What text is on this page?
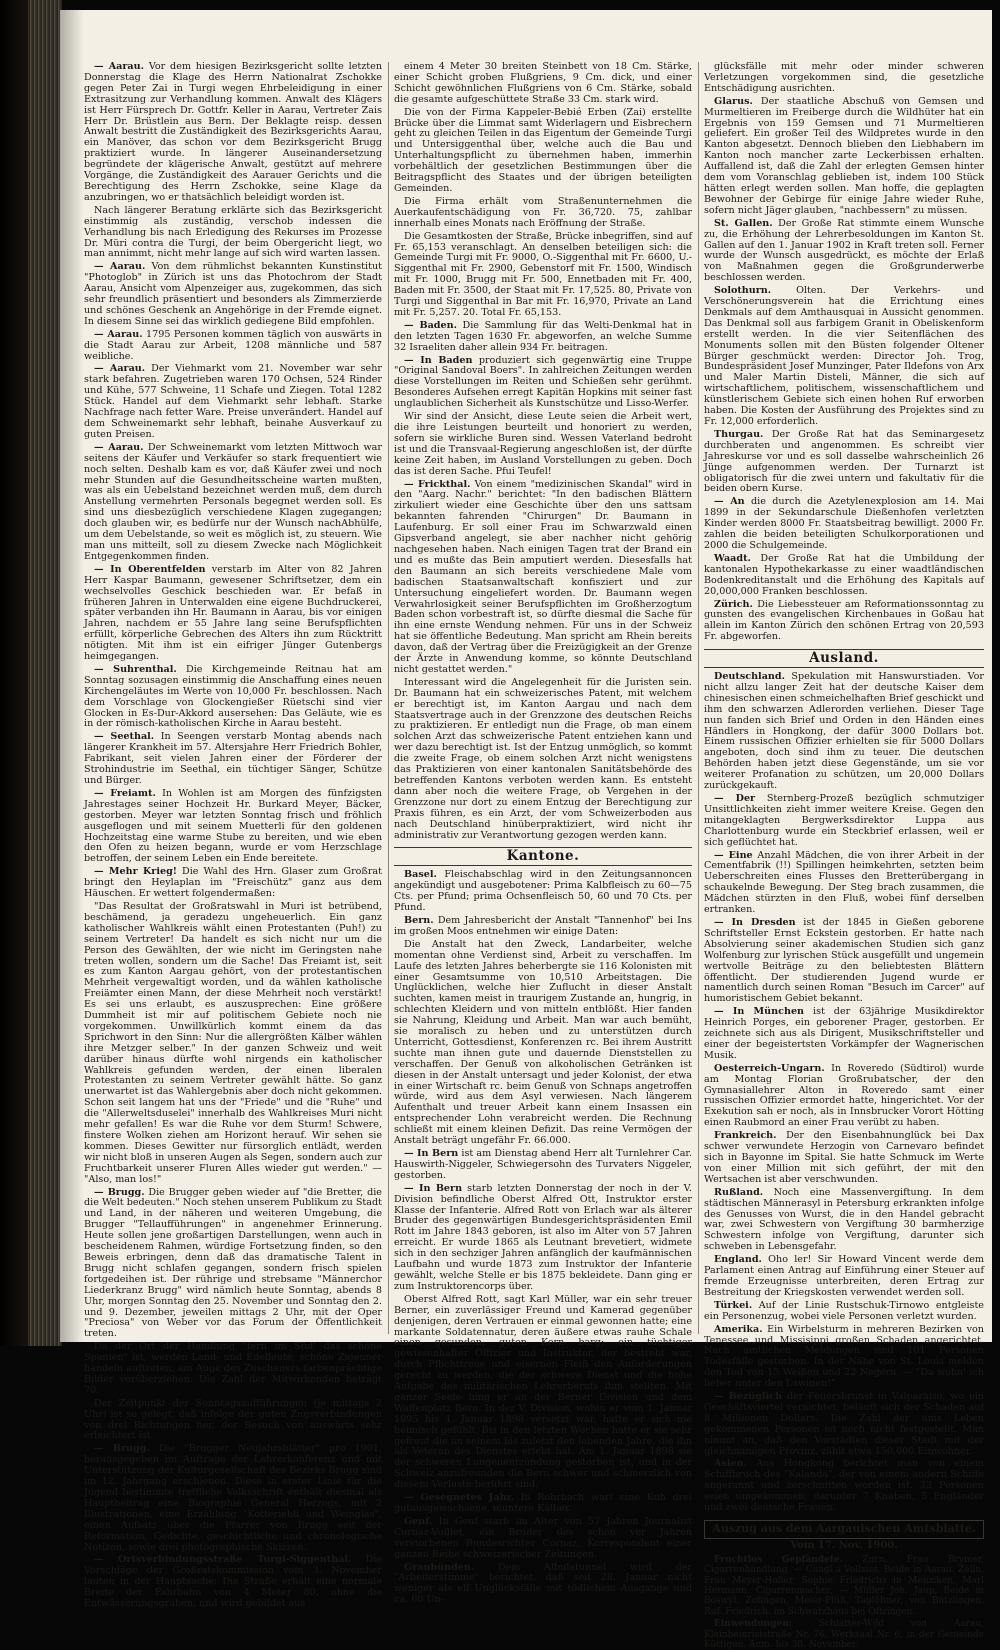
— Aarau. Vor dem hiesigen Bezirksgericht sollte letzten Donnerstag die Klage des Herrn Nationalrat Zschokke gegen Peter Zai in Turgi wegen Ehrbeleidigung in einer Extrasitzung zur Verhandlung kommen. Anwalt des Klägers ist Herr Fürsprech Dr. Gottfr. Keller in Aarau, Vertreter Zais Herr Dr. Brüstlein aus Bern. Der Beklagte reisp. dessen Anwalt bestritt die Zuständigkeit des Bezirksgerichts Aarau, ein Manöver, das schon vor dem Bezirksgericht Brugg praktiziert wurde. In längerer Auseinandersetzung begründete der klägerische Anwalt, gestützt auf mehrere Vorgänge, die Zuständigkeit des Aarauer Gerichts und die Berechtigung des Herrn Zschokke, seine Klage da anzubringen, wo er thatsächlich beleidigt worden ist.

Nach längerer Beratung erklärte sich das Bezirksgericht einstimmig als zuständig, verschob indessen die Verhandlung bis nach Erledigung des Rekurses im Prozesse Dr. Müri contra die Turgi, der beim Obergericht liegt, wo man annimmt, nicht mehr lange auf sich wird warten lassen.

— Aarau. Von dem rühmlichst bekannten Kunstinstitut "Photoglob" in Zürich ist uns das Photochrom der Stadt Aarau, Ansicht vom Alpenzeiger aus, zugekommen, das sich sehr freundlich präsentiert und besonders als Zimmerzierde und schönes Geschenk an Angehörige in der Fremde eignet. In diesem Sinne sei das wirklich gediegene Bild empfohlen.

— Aarau. 1795 Personen kommen täglich von auswärts in die Stadt Aarau zur Arbeit, 1208 männliche und 587 weibliche.

— Aarau. Der Viehmarkt vom 21. November war sehr stark befahren. Zugetrieben waren 170 Ochsen, 524 Rinder und Kühe, 577 Schweine, 11 Schafe und Ziegen. Total 1282 Stück. Handel auf dem Viehmarkt sehr lebhaft. Starke Nachfrage nach fetter Ware. Preise unverändert. Handel auf dem Schweinemarkt sehr lebhaft, beinahe Ausverkauf zu guten Preisen.

— Aarau. Der Schweinemarkt vom letzten Mittwoch war seitens der Käufer und Verkäufer so stark frequentiert wie noch selten. Deshalb kam es vor, daß Käufer zwei und noch mehr Stunden auf die Gesundheitsscheine warten mußten, was als ein Uebelstand bezeichnet werden muß, dem durch Anstellung vermehrten Personals begegnet werden soll. Es sind uns diesbezüglich verschiedene Klagen zugegangen; doch glauben wir, es bedürfe nur der Wunsch nachAbhülfe, um dem Uebelstande, so weit es möglich ist, zu steuern. Wie man uns mitteilt, soll zu diesem Zwecke nach Möglichkeit Entgegenkommen finden.

— In Oberentfelden verstarb im Alter von 82 Jahren Herr Kaspar Baumann, gewesener Schriftsetzer, dem ein wechselvolles Geschick beschieden war. Er befaß in früheren Jahren in Unterwalden eine eigene Buchdruckerei, später verbanden ihn Hr. Baumann in Aarau, bis vor einigen Jahren, nachdem er 55 Jahre lang seine Berufspflichten erfüllt, körperliche Gebrechen des Alters ihn zum Rücktritt nötigten. Mit ihm ist ein eifriger Jünger Gutenbergs heimgegangen.

— Suhrenthal. Die Kirchgemeinde Reitnau hat am Sonntag sozusagen einstimmig die Anschaffung eines neuen Kirchengeläutes im Werte von 10,000 Fr. beschlossen. Nach dem Vorschlage von Glockengießer Rüetschi sind vier Glocken in Es-Dur-Akkord ausersehen: Das Geläute, wie es in der römisch-katholischen Kirche in Aarau besteht.

— Seethal. In Seengen verstarb Montag abends nach längerer Krankheit im 57. Altersjahre Herr Friedrich Bohler, Fabrikant, seit vielen Jahren einer der Förderer der Strohindustrie im Seethal, ein tüchtiger Sänger, Schütze und Bürger.

— Freiamt. In Wohlen ist am Morgen des fünfzigsten Jahrestages seiner Hochzeit Hr. Burkard Meyer, Bäcker, gestorben. Meyer war letzten Sonntag frisch und fröhlich ausgeflogen und mit seinem Muetterli für den goldenen Hochzeitstag eine warme Stube zu bereiten, und wie eben den Ofen zu heizen begann, wurde er vom Herzschlage betroffen, der seinem Leben ein Ende bereitete.

— Mehr Krieg! Die Wahl des Hrn. Glaser zum Großrat bringt den Heylaplan im "Freischütz" ganz aus dem Häuschen. Er wettert folgendermaßen:

"Das Resultat der Großratswahl in Muri ist betrübend, beschämend, ja geradezu ungeheuerlich. Ein ganz katholischer Wahlkreis wählt einen Protestanten (Puh!) zu seinem Vertreter! Da handelt es sich nicht nur um die Person des Gewählten, der wie nicht im Geringsten nahe treten wollen, sondern um die Sache! Das Freiamt ist, seit es zum Kanton Aargau gehört, von der protestantischen Mehrheit vergewaltigt worden, und da wählen katholische Freiämter einen Mann, der diese Mehrheit noch verstärkt! Es sei uns erlaubt, es auszusprechen: Eine größere Dummheit ist mir auf politischem Gebiete noch nie vorgekommen. Unwillkürlich kommt einem da das Sprichwort in den Sinn: Nur die allergrößten Kälber wählen ihre Metzger selber." In der ganzen Schweiz und weit darüber hinaus dürfte wohl nirgends ein katholischer Wahlkreis gefunden werden, der einen liberalen Protestanten zu seinem Vertreter gewählt hätte. So ganz unerwartet ist das Wahlergebnis aber doch nicht gekommen. Schon seit langem hat uns der "Friede" und die "Ruhe" und die "Allerweltsduselei" innerhalb des Wahlkreises Muri nicht mehr gefallen! Es war die Ruhe vor dem Sturm! Schwere, finstere Wolken ziehen am Horizont herauf. Wir sehen sie kommen. Dieses Gewitter nur fürsorglich entlädt, werden wir nicht bloß in unseren Augen als Segen, sondern auch zur Fruchtbarkeit unserer Fluren Alles wieder gut werden." — "Also, man los!"

— Brugg. Die Brugger geben wieder auf "die Bretter, die die Welt bedeuten." Noch stehen unserem Publikum zu Stadt und Land, in der näheren und weiteren Umgebung, die Brugger "Tellaufführungen" in angenehmer Erinnerung. Heute sollen jene großartigen Darstellungen, wenn auch in bescheidenem Rahmen, würdige Fortsetzung finden, so den Beweis erbringen, denn daß das dramatische Talent in Brugg nicht schlafen gegangen, sondern frisch spielen fortgedeihen ist. Der rührige und strebsame "Männerchor Liederkranz Brugg" wird nämlich heute Sonntag, abends 8 Uhr, morgen Sonntag den 25. November und Sonntag den 2. und 9. Dezember, jeweilen mittags 2 Uhr, mit der Oper "Preciosa" von Weber vor das Forum der Öffentlichkeit treten.

Da der Ort der Handlung "fern im Süd' das schöne Spanien" ist, werden Land- und Edelleute, schöne Zigeuner handeln auftreten, am Auge des Zuschauers farbenprächtige Bilder vorüberziehen. Die Zahl der Mitwirkenden beträgt 70.

Der Zeitpunkt der Sonntagsaufführungen (je mittags 2 Uhr) ist so gelegt, daß infolge der guten Zugsverbindungen von drei Richtungen her, der Besuch von auswärts sehr erleichtert ist.

— Brugg. Die "Brugger Neujahrsblätter" pro 1901, herausgegeben im Auftrage der Lehrerkonferenz und mit Unterstützung der Kulturgesellschaft des Bezirks Brugg sind im 12. Jahrgang erschienen. Diese in erster Linie für die Jugend bestimmte treffliche Volksschrift enthält diesmal als Hauptbeitrag eine Biographie General Herzogs, mit 2 Illustrationen, eine Erzählung "Kotteriebli und Weinglas", einen Aufsatz über die Pfarrer von Brugg seit der Reformation, Gedichte, geschichtliche und chronologische Notizen, sowie drei photographische Skizzen.

— Ortsverbindungsstraße Turgi-Siggenthal. Die Vorschläge der Großratskommission vom 3. November lauten in der Hauptsache: Die Straße erhält eine normale Breite der Fahrbahn von 4 Meter 80, ohne die Entwässerungsgraben, und wird gebildet aus

einem 4 Meter 30 breiten Steinbett von 18 Cm. Stärke, einer Schicht groben Flußgriens, 9 Cm. dick, und einer Schicht gewöhnlichen Flußgriens von 6 Cm. Stärke, sobald die gesamte aufgeschüttete Straße 33 Cm. stark wird.

Die von der Firma Kappeler-Bebié Erben (Zai) erstellte Brücke über die Limmat samt Widerlagern und Eisbrechern geht zu gleichen Teilen in das Eigentum der Gemeinde Turgi und Untersiggenthal über, welche auch die Bau und Unterhaltungspflicht zu übernehmen haben, immerhin vorbehältlich der gesetzlichen Bestimmungen über die Beitragspflicht des Staates und der übrigen beteiligten Gemeinden.

Die Firma erhält vom Straßenunternehmen die Auerkaufentschädigung von Fr. 36,720. 75, zahlbar innerhalb eines Monats nach Eröffnung der Straße.

Die Gesamtkosten der Straße, Brücke inbegriffen, sind auf Fr. 65,153 veranschlagt. An denselben beteiligen sich: die Gemeinde Turgi mit Fr. 9000, O.-Siggenthal mit Fr. 6600, U.-Siggenthal mit Fr. 2900, Gebenstorf mit Fr. 1500, Windisch mit Fr. 1000, Brugg mit Fr. 500, Ennetbaden mit Fr. 400, Baden mit Fr. 3500, der Staat mit Fr. 17,525. 80, Private von Turgi und Siggenthal in Bar mit Fr. 16,970, Private an Land mit Fr. 5,257. 20. Total Fr. 65,153.

— Baden. Die Sammlung für das Welti-Denkmal hat in den letzten Tagen 1630 Fr. abgeworfen, an welche Summe 32 Israeliten daher allein 934 Fr. beitragen.

— In Baden produziert sich gegenwärtig eine Truppe "Original Sandoval Boers". In zahlreichen Zeitungen werden diese Vorstellungen im Reiten und Schießen sehr gerühmt. Besonderes Aufsehen erregt Kapitän Hopkins mit seiner fast unglaublichen Sicherheit als Kunstschütze und Lisso-Werfer.

Wir sind der Ansicht, diese Leute seien die Arbeit wert, die ihre Leistungen beurteilt und honoriert zu werden, sofern sie wirkliche Buren sind. Wessen Vaterland bedroht ist und die Transvaal-Regierung angeschloßen ist, der dürfte keine Zeit haben, im Ausland Vorstellungen zu geben. Doch das ist deren Sache. Pfui Teufel!

— Frickthal. Von einem "medizinischen Skandal" wird in den "Aarg. Nachr." berichtet: "In den badischen Blättern zirkuliert wieder eine Geschichte über den uns sattsam bekannten fahrenden "Chirurgen" Dr. Baumann in Laufenburg. Er soll einer Frau im Schwarzwald einen Gipsverband angelegt, sie aber nachher nicht gehörig nachgesehen haben. Nach einigen Tagen trat der Brand ein und es mußte das Bein amputiert werden. Diesesfalls hat den Baumann an sich bereits verschiedene Male vom badischen Staatsanwaltschaft konfisziert und zur Untersuchung eingeliefert worden. Dr. Baumann wegen Verwahrlosigkeit seiner Berufspflichten im Großherzogtum Baden schon vorbestraft ist, so dürfte diesmal die Sache für ihn eine ernste Wendung nehmen. Für uns in der Schweiz hat sie öffentliche Bedeutung. Man spricht am Rhein bereits davon, daß der Vertrag über die Freizügigkeit an der Grenze der Ärzte in Anwendung komme, so könnte Deutschland nicht gestattet werden."

Interessant wird die Angelegenheit für die Juristen sein. Dr. Baumann hat ein schweizerisches Patent, mit welchem er berechtigt ist, im Kanton Aargau und nach dem Staatsvertrage auch in der Grenzzone des deutschen Reichs zu praktizieren. Er entledigt nun die Frage, ob man einem solchen Arzt das schweizerische Patent entziehen kann und wer dazu berechtigt ist. Ist der Entzug unmöglich, so kommt die zweite Frage, ob einem solchen Arzt nicht wenigstens das Praktizieren von einer kantonalen Sanitätsbehörde des betreffenden Kantons verboten werden kann. Es entsteht dann aber noch die weitere Frage, ob Vergehen in der Grenzzone nur dort zu einem Entzug der Berechtigung zur Praxis führen, es ein Arzt, der vom Schweizerboden aus nach Deutschland hinüberpraktiziert, wird nicht ihr administrativ zur Verantwortung gezogen werden kann.

Kantone.

Basel. Fleischabschlag wird in den Zeitungsannoncen angekündigt und ausgebotener: Prima Kalbfleisch zu 60—75 Cts. per Pfund; prima Ochsenfleisch 50, 60 und 70 Cts. per Pfund.

Bern. Dem Jahresbericht der Anstalt "Tannenhof" bei Ins im großen Moos entnehmen wir einige Daten:

Die Anstalt hat den Zweck, Landarbeiter, welche momentan ohne Verdienst sind, Arbeit zu verschaffen. Im Laufe des letzten Jahres beherbergte sie 116 Kolonisten mit einer Gesamtsumme von 10,510 Arbeitstagen. Die Unglücklichen, welche hier Zuflucht in dieser Anstalt suchten, kamen meist in traurigem Zustande an, hungrig, in schlechten Kleidern und von mitteln entblößt. Hier fanden sie Nahrung, Kleidung und Arbeit. Man war auch bemüht, sie moralisch zu heben und zu unterstützen durch Unterricht, Gottesdienst, Konferenzen rc. Bei ihrem Austritt suchte man ihnen gute und dauernde Dienststellen zu verschaffen. Der Genuß von alkoholischen Getränken ist diesen in der Anstalt untersagt und jeder Kolonist, der etwa in einer Wirtschaft rc. beim Genuß von Schnaps angetroffen würde, wird aus dem Asyl verwiesen. Nach längerem Aufenthalt und treuer Arbeit kann einem Insassen ein entsprechender Lohn verabreicht werden. Die Rechnung schließt mit einem kleinen Defizit. Das reine Vermögen der Anstalt beträgt ungefähr Fr. 66.000.

— In Bern ist am Dienstag abend Herr alt Turnlehrer Car. Hauswirth-Niggeler, Schwiegersohn des Turvaters Niggeler, gestorben.

— In Bern starb letzten Donnerstag der noch in der V. Division befindliche Oberst Alfred Ott, Instruktor erster Klasse der Infanterie. Alfred Rott von Erlach war als älterer Bruder des gegenwärtigen Bundesgerichtspräsidenten Emil Rott im Jahre 1843 geboren, ist also im Alter von 57 Jahren erreicht. Er wurde 1865 als Leutnant brevetiert, widmete sich in den sechziger Jahren anfänglich der kaufmännischen Laufbahn und wurde 1873 zum Instruktor der Infanterie gewählt, welche Stelle er bis 1875 bekleidete. Dann ging er zum Instruktorencorps über.

Oberst Alfred Rott, sagt Karl Müller, war ein sehr treuer Berner, ein zuverlässiger Freund und Kamerad gegenüber denjenigen, deren Vertrauen er einmal gewonnen hatte; eine markante Soldatennatur, deren äußere etwas rauhe Schale einen gesunden, guten Kern barg; ein tüchtiger gewissenhafter Offizier und Instruktor, der bestrebt war, durch Pflichttreue und eisernen Fleiß den Anforderungen gerecht zu werden, die der schwere Dienst und die hohe Aufgabe des militärischen Lehrerberufs ihm stellten. Mit ganzer Seele hing er an der Berner Division und dem Waffenplatz Bern. In der V. Division, wohin er vom 1. Januar 1895 bis 1. Januar 1898 versetzt war, hatte er sich nie heimisch gefühlt. Bis in den letzten Wochen hatte er sie sehr gefreut die an seinem bis zuletzt den lebenden Jahre, die ihn als Veteran des Dienstes erlebt hat. Am 1. Januar 1898 sie der schweren Lungenentzündung gestorben ist, und in der Schweiz anzufreunden die Bern schwer und schmerzlich von diesem Verluste berührt sind.

— Gesegnetes Jahr. In Rohrbach warf eine Kuh drei gutausgewachsene, muntere Kälber.

Genf. In Genf starb im Alter von 57 Jahren Journalist Cornaz-Vuillet, ein Bruder des schon vor Jahren verstorbenen Bundesrichter Cornaz, Korrespondent einer ganzen Reihe schweizerischer Zeitungen.

Graubünden. Dem Albulatunnel wird der "Arbeiterstimme" berichtet, daß seit 28. Januar nicht weniger als elf Unglücksfälle mit tödlichem Ausgange und ca. 60 Un-

glücksfälle mit mehr oder minder schweren Verletzungen vorgekommen sind, die gesetzliche Entschädigung ausrichten.

Glarus. Der staatliche Abschuß von Gemsen und Murmeltieren im Freiberge durch die Wildhüter hat ein Ergebnis von 159 Gemsen und 71 Murmeltieren geliefert. Ein großer Teil des Wildpretes wurde in den Kanton abgesetzt. Dennoch blieben den Liebhabern im Kanton noch mancher zarte Leckerbissen erhalten. Auffallend ist, daß die Zahl der erlegten Gemsen hinter dem vom Voranschlag geblieben ist, indem 100 Stück hätten erlegt werden sollen. Man hoffe, die geplagten Bewohner der Gebirge für einige Jahre wieder Ruhe, sofern nicht Jäger glauben, "nachbessern" zu müssen.

St. Gallen. Der Große Rat stimmte einem Wunsche zu, die Erhöhung der Lehrerbesoldungen im Kanton St. Gallen auf den 1. Januar 1902 in Kraft treten soll. Ferner wurde der Wunsch ausgedrückt, es möchte der Erlaß von Maßnahmen gegen die Großgrunderwerbe beschlossen werden.

Solothurn.	Olten. Der Verkehrs- und Verschönerungsverein hat die Errichtung eines Denkmals auf dem Amthausquai in Aussicht genommen. Das Denkmal soll aus farbigem Granit in Obeliskenform erstellt werden. In die vier Seitenflächen des Monuments sollen mit den Büsten folgender Oltener Bürger geschmückt werden: Director Joh. Trog, Bundespräsident Josef Munzinger, Pater Ildefons von Arx und Maler Martin Disteli, Männer, die sich auf wirtschaftlichem, politischem, wissenschaftlichem und künstlerischem Gebiete sich einen hohen Ruf erworben haben. Die Kosten der Ausführung des Projektes sind zu Fr. 12,000 erforderlich.

Thurgau. Der Große Rat hat das Seminargesetz durchberaten und angenommen. Es schreibt vier Jahreskurse vor und es soll dasselbe wahrscheinlich 26 Jünge aufgenommen werden. Der Turnarzt ist obligatorisch für die zwei untern und fakultativ für die beiden obern Kurse.

— An die durch die Azetylenexplosion am 14. Mai 1899 in der Sekundarschule Dießenhofen verletzten Kinder werden 8000 Fr. Staatsbeitrag bewilligt. 2000 Fr. zahlen die beiden beteiligten Schulkorporationen und 2000 die Schulgemeinde.

Waadt. Der Große Rat hat die Umbildung der kantonalen Hypothekarkasse zu einer waadtländischen Bodenkreditanstalt und die Erhöhung des Kapitals auf 20,000,000 Franken beschlossen.

Zürich. Die Liebessteuer am Reformationssonntag zu gunsten des evangelischen Kirchenbaues in Goßau hat allein im Kanton Zürich den schönen Ertrag von 20,593 Fr. abgeworfen.

Ausland.

Deutschland. Spekulation mit Hanswurstiaden. Vor nicht allzu langer Zeit hat der deutsche Kaiser dem chinesischen einen schmeichelhaften Brief geschickt und ihm den schwarzen Adlerorden verliehen. Dieser Tage nun fanden sich Brief und Orden in den Händen eines Händlers in Hongkong, der dafür 3000 Dollars bot. Einem russischen Offizier erhielten sie für 5000 Dollars angeboten, doch sind ihm zu teuer. Die deutschen Behörden haben jetzt diese Gegenstände, um sie vor weiterer Profanation zu schützen, um 20,000 Dollars zurückgekauft.

— Der Sternberg-Prozeß bezüglich schmutziger Unsittlichkeiten zieht immer weitere Kreise. Gegen den mitangeklagten Bergwerksdirektor Luppa aus Charlottenburg wurde ein Steckbrief erlassen, weil er sich geflüchtet hat.

— Eine Anzahl Mädchen, die von ihrer Arbeit in der Cementfabrik (!!) Spillingen heimkehrten, setzten beim Ueberschreiten eines Flusses den Bretterübergang in schaukelnde Bewegung. Der Steg brach zusammen, die Mädchen stürzten in den Fluß, wobei fünf derselben ertranken.

— In Dresden ist der 1845 in Gießen geborene Schriftsteller Ernst Eckstein gestorben. Er hatte nach Absolvierung seiner akademischen Studien sich ganz Wolfenburg zur lyrischen Stück ausgefüllt und ungemein wertvolle Beiträge zu den beliebtesten Blättern öffentlicht. Der studierenden Jugend wurde er namentlich durch seinen Roman "Besuch im Carcer" auf humoristischem Gebiet bekannt.

— In München ist der 63jährige Musikdirektor Heinrich Porges, ein geborener Prager, gestorben. Er zeichnete sich aus als Dirigent, Musikschriftsteller und einer der begeistertsten Vorkämpfer der Wagnerischen Musik.

Oesterreich-Ungarn. In Roveredo (Südtirol) wurde am Montag Florian Großrubatscher, der den Gymnasiallehrer Alton in Roveredo samt einer russischen Offizier ermordet hatte, hingerichtet. Vor der Exekution sah er noch, als in Innsbrucker Vorort Hötting einen Raubmord an einer Frau verübt zu haben.

Frankreich. Der den Eisenbahnunglück bei Dax schwer verwundete Herzogin von Carnevaro befindet sich in Bayonne im Spital. Sie hatte Schmuck im Werte von einer Million mit sich geführt, der mit den Wertsachen ist aber verschwunden.

Rußland. Noch eine Massenvergiftung. In dem städtischen Männerasyl in Petersburg erkrankten infolge des Genusses von Wurst, die in den Handel gebracht war, zwei Schwestern von Vergiftung 30 barmherzige Schwestern infolge von Vergiftung, darunter sich schweben in Lebensgefahr.

England. Oho ler! Sir Howard Vincent werde dem Parlament einen Antrag auf Einführung einer Steuer auf fremde Erzeugnisse unterbreiten, deren Ertrag zur Bestreitung der Kriegskosten verwendet werden soll.

Türkei. Auf der Linie Rustschuk-Tirnowo entgleiste ein Personenzug, wobei viele Personen verletzt wurden.

Amerika. Ein Wirbelsturm in mehreren Bezirken von Tenessee und Missisippi großen Schaden angerichtet. Nach amtlichen Meldungen sind 101 Personen Todesfälle gestorben. In der Nähe von St. Louis melden den Tod von 15 Weißen und 22 Negern. — "Da wohn' ich lieber unter den Lawinen!"

— Bezüglich der Feuersbrunst in Valparaiso, wo ein Geschäftsviertel vernichtet, beläuft sich der Schaden auf 8 Millionen Dollars. Die Zahl der ums Leben gekommenen Personen ist noch nicht festgestellt. Man nimmt an, daß den Vorstädten dieser Stadt mit der gleichnamigen Provinz, zählt etwa 150,000 Einwohner.

Asien. Aus Hongkong berichtet man von einem Schiffbruch des "Kalanda", der von einem andern Schiffe angerannt und zerschnitten worden ist. 33 Personen seien umgekommen, darunter 7 Knaben, 5 Engländer und zwei deutsche Frauen.

Auszug aus dem Aargauischen Amtsblatte.
Vom 17. Nov. 1900.

Fruchtlos Gepfändete. Zurn. Frau Brymer, Cigarrenhandlung. — Cuagl a Vollsiss, Beide in Aarau. Zeiln, Frau Meyer-Holler, Sophie Friedrichs in Menziken, Marl Hermann, Cigarrenmacher, — Müller Joh. Jaup, Beide in Boswyl. Zofingen, Meier-Plüß, Taglöhner, von Bützlingen. Ruf. Friedrich, im Schwarzhaus bei Oftringen.

Einwendungen:	Schlatter-Wild von Aarau, Kleinheinriststraße Nr. 76, Werksaal Nr. 6, in der Gemeinde Küttigen. Anm. bis 30. November.
